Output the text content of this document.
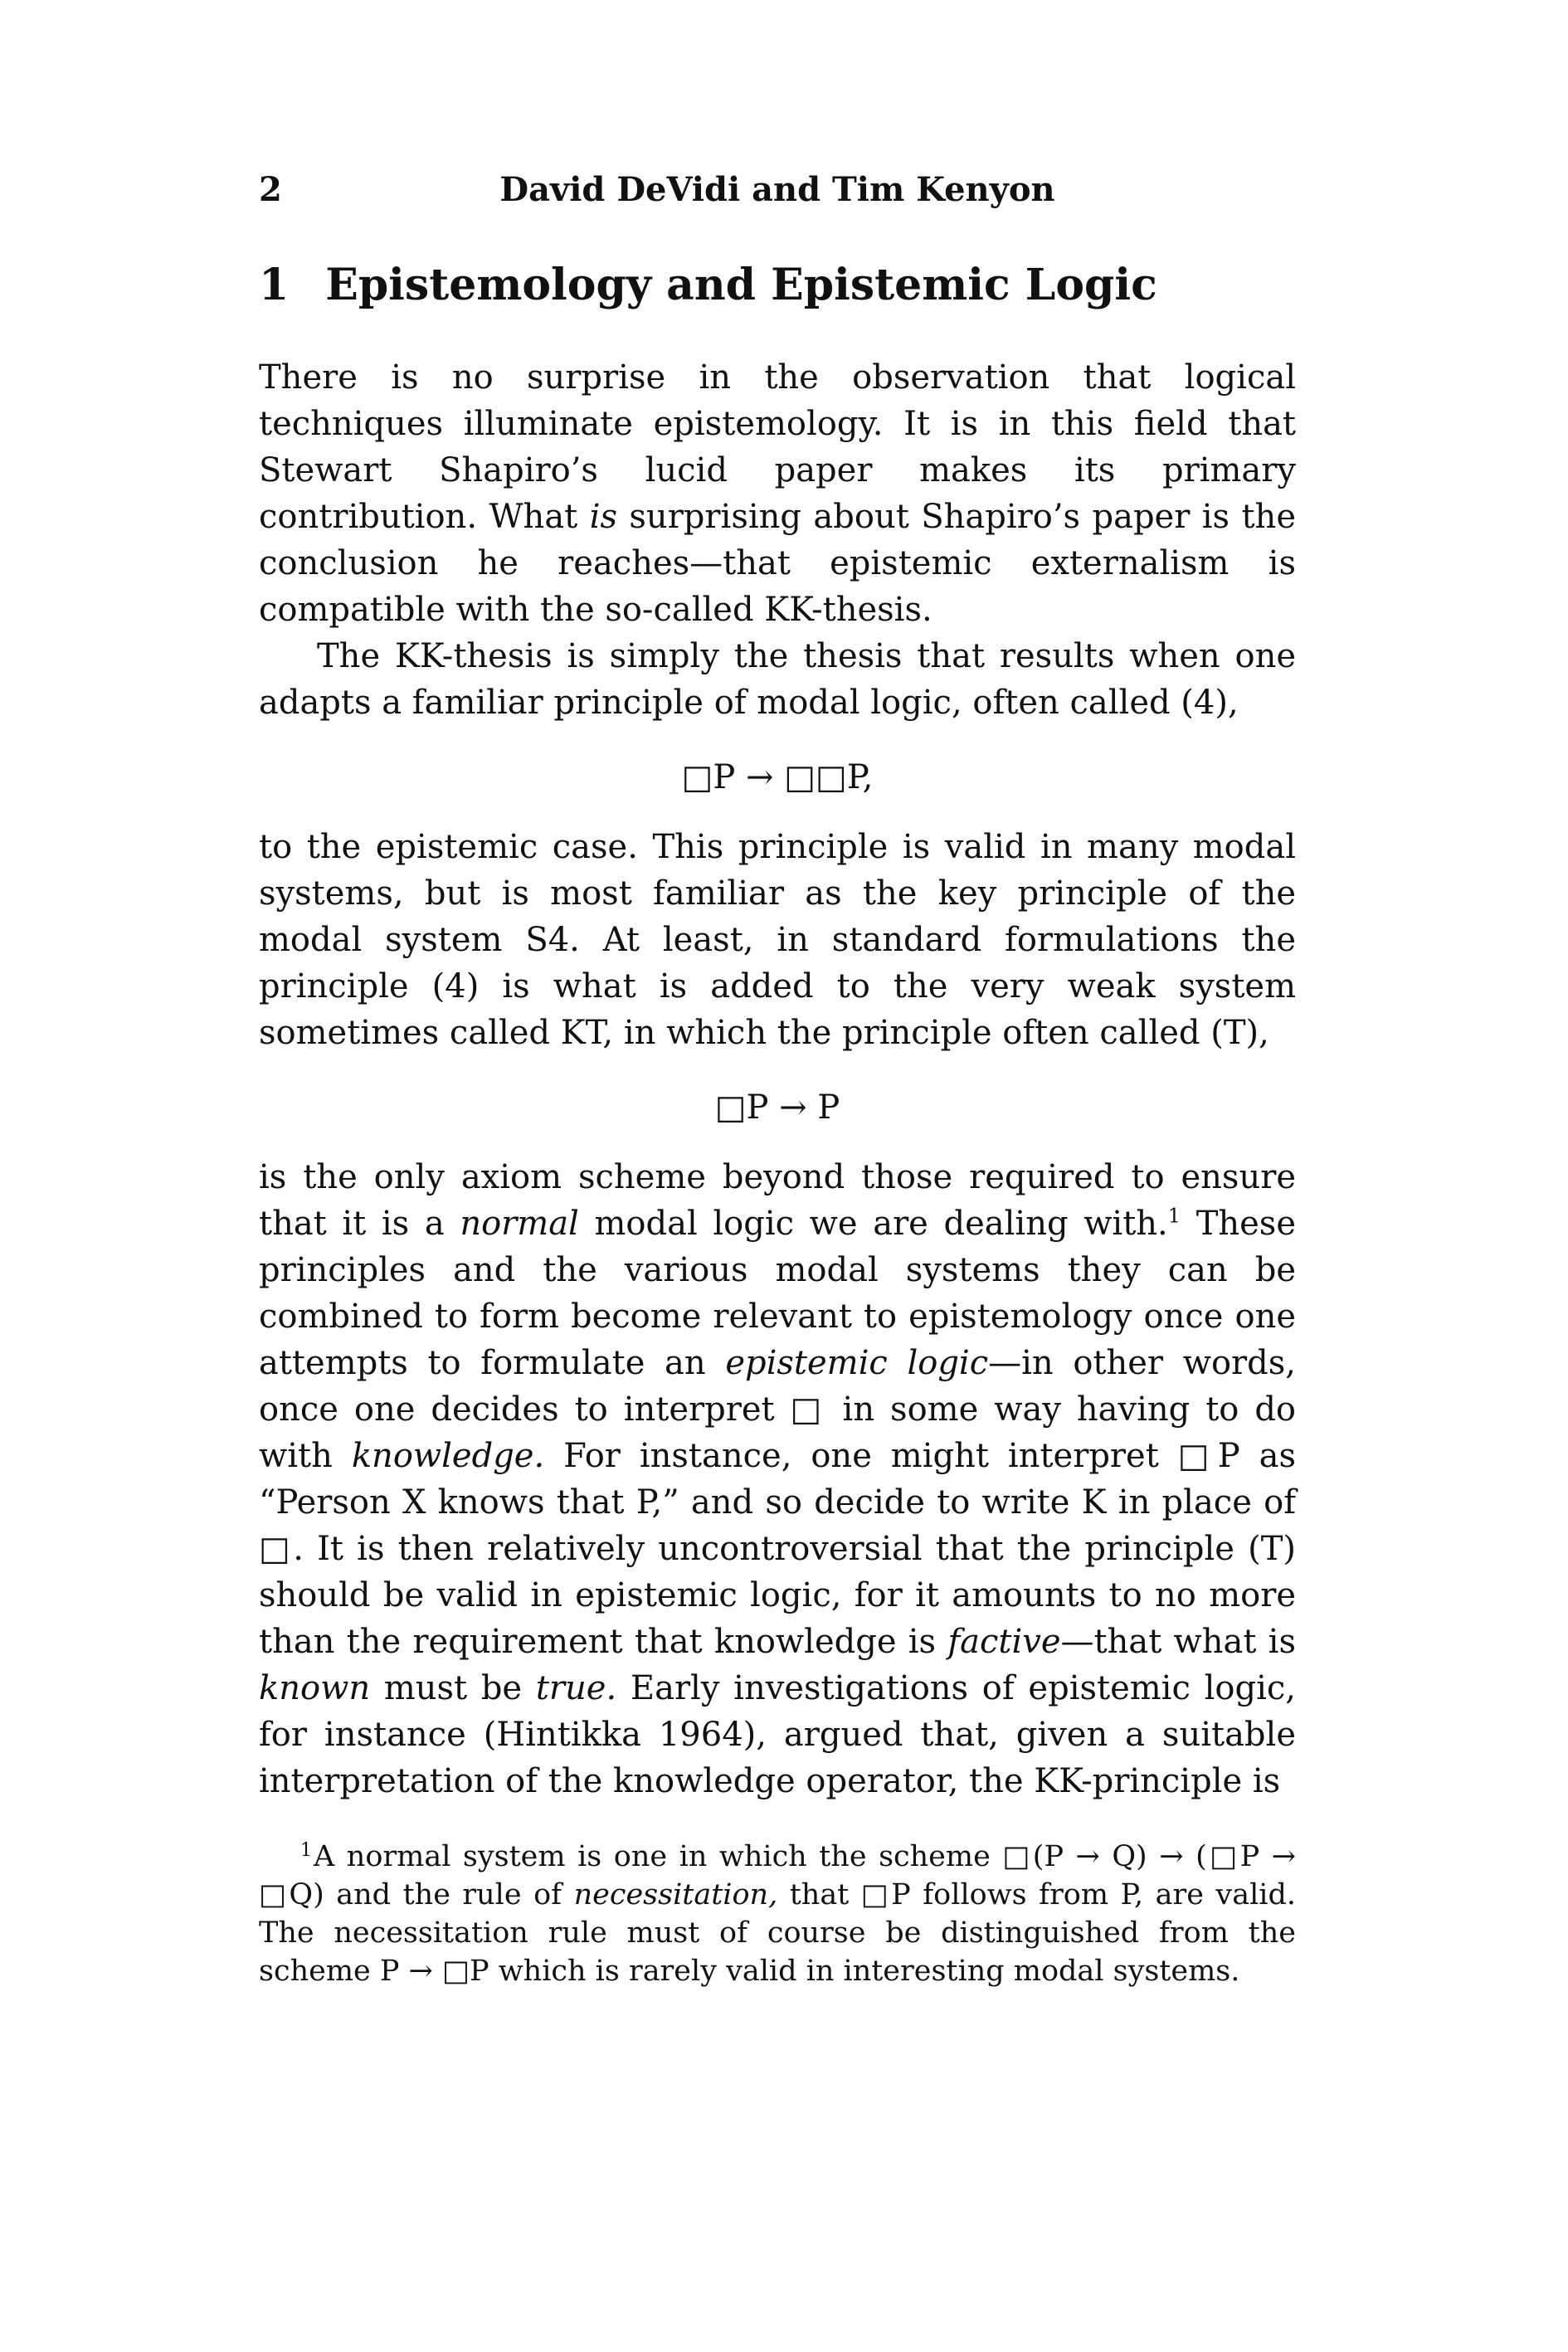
2	David DeVidi and Tim Kenyon
1 Epistemology and Epistemic Logic

There is no surprise in the observation that logical techniques illuminate epistemology. It is in this field that Stewart Shapiro’s lucid paper makes its primary contribution. What is surprising about Shapiro’s paper is the conclusion he reaches—that epistemic externalism is compatible with the so-called KK-thesis.

The KK-thesis is simply the thesis that results when one adapts a familiar principle of modal logic, often called (4),

□P → □□P,

to the epistemic case. This principle is valid in many modal systems, but is most familiar as the key principle of the modal system S4. At least, in standard formulations the principle (4) is what is added to the very weak system sometimes called KT, in which the principle often called (T),

□P → P

is the only axiom scheme beyond those required to ensure that it is a normal modal logic we are dealing with.$^1$ These principles and the various modal systems they can be combined to form become relevant to epistemology once one attempts to formulate an epistemic logic—in other words, once one decides to interpret □ in some way having to do with knowledge. For instance, one might interpret □P as “Person X knows that P,” and so decide to write K in place of □. It is then relatively uncontroversial that the principle (T) should be valid in epistemic logic, for it amounts to no more than the requirement that knowledge is factive—that what is known must be true. Early investigations of epistemic logic, for instance (Hintikka 1964), argued that, given a suitable interpretation of the knowledge operator, the KK-principle is

$^1$A normal system is one in which the scheme □(P → Q) → (□P → □Q) and the rule of necessitation, that □P follows from P, are valid. The necessitation rule must of course be distinguished from the scheme P → □P which is rarely valid in interesting modal systems.
